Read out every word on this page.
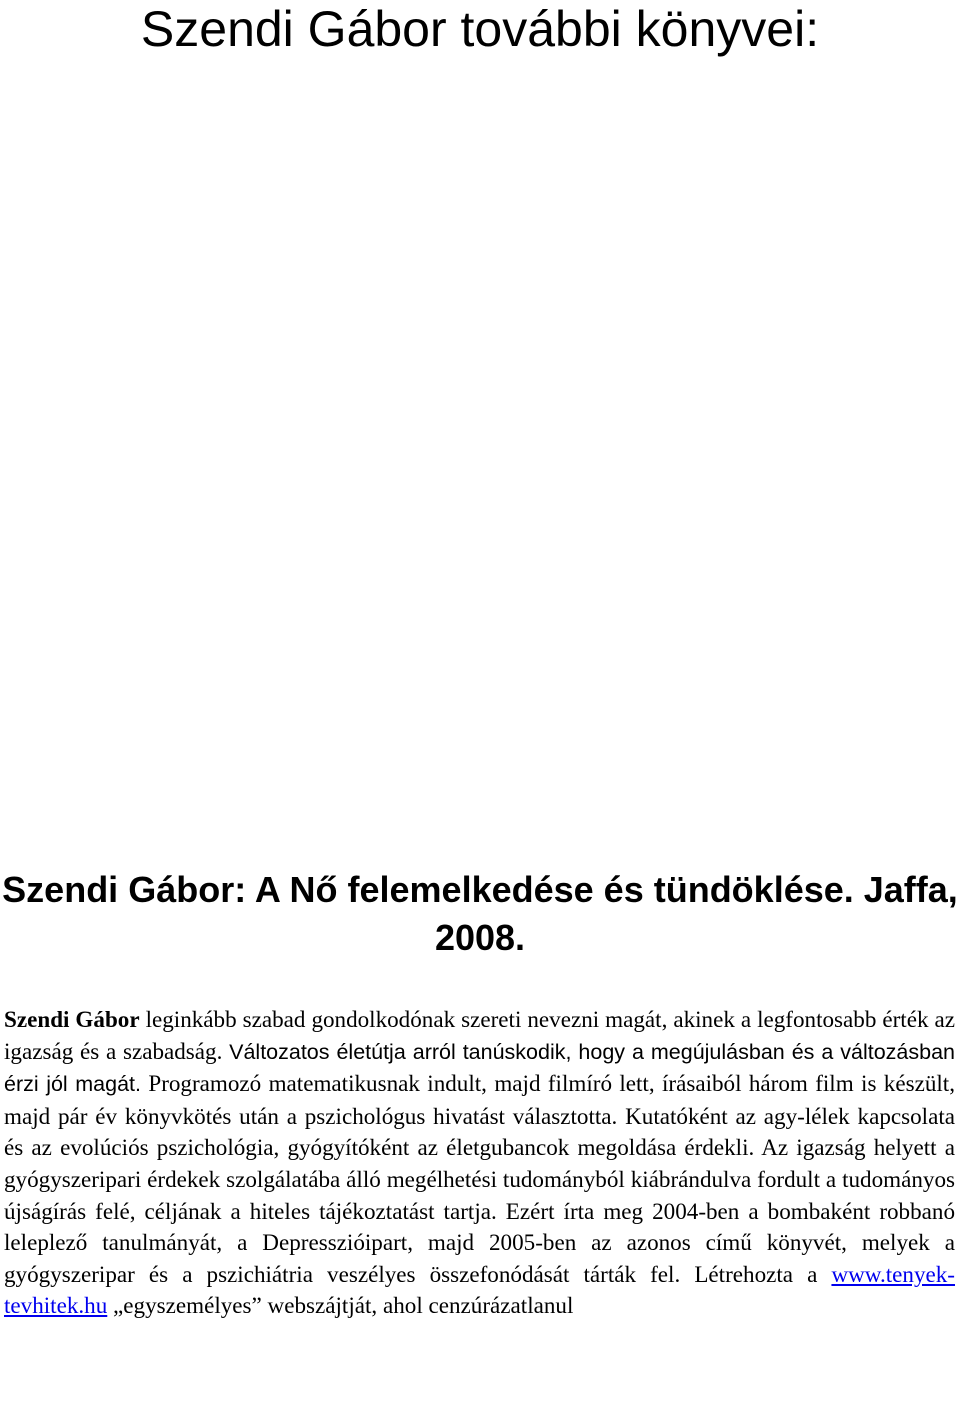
Szendi Gábor további könyvei:
Szendi Gábor: A Nő felemelkedése és tündöklése. Jaffa,
2008.

Szendi Gábor leginkább szabad gondolkodónak szereti nevezni magát, akinek a legfontosabb érték az igazság és a szabadság. Változatos életútja arról tanúskodik, hogy a megújulásban és a változásban érzi jól magát. Programozó matematikusnak indult, majd filmíró lett, írásaiból három film is készült, majd pár év könyvkötés után a pszichológus hivatást választotta. Kutatóként az agy-lélek kapcsolata és az evolúciós pszichológia, gyógyítóként az életgubancok megoldása érdekli. Az igazság helyett a gyógyszeripari érdekek szolgálatába álló megélhetési tudományból kiábrándulva fordult a tudományos újságírás felé, céljának a hiteles tájékoztatást tartja. Ezért írta meg 2004-ben a bombaként robbanó leleplező tanulmányát, a Depresszióipart, majd 2005-ben az azonos című könyvét, melyek a gyógyszeripar és a pszichiátria veszélyes összefonódását tárták fel. Létrehozta a www.tenyek-tevhitek.hu „egyszemélyes” webszájtját, ahol cenzúrázatlanul
